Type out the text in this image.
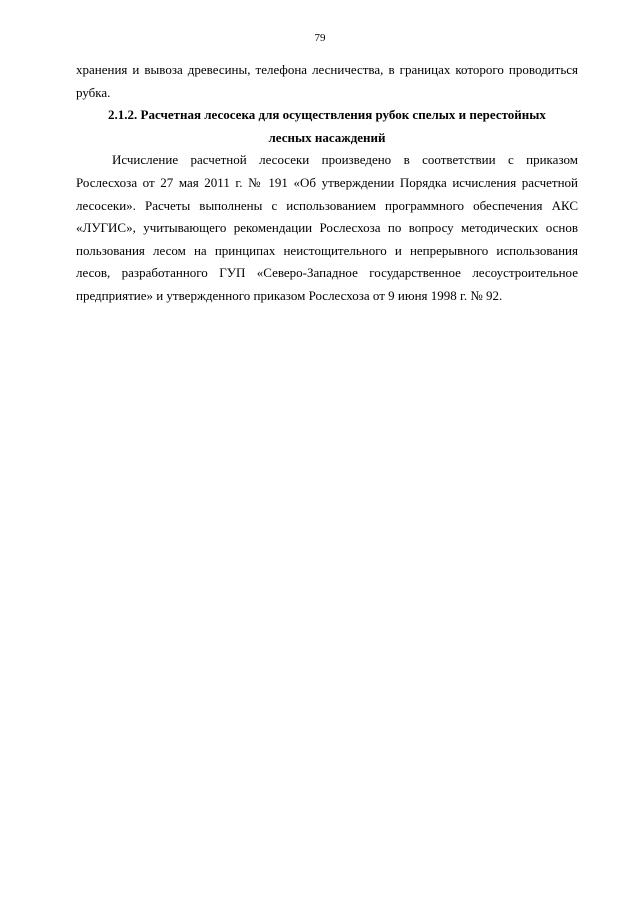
79

хранения и вывоза древесины, телефона лесничества, в границах которого проводиться рубка.

2.1.2. Расчетная лесосека для осуществления рубок спелых и перестойных лесных насаждений

Исчисление расчетной лесосеки произведено в соответствии с приказом Рослесхоза от 27 мая 2011 г. № 191 «Об утверждении Порядка исчисления расчетной лесосеки». Расчеты выполнены с использованием программного обеспечения АКС «ЛУГИС», учитывающего рекомендации Рослесхоза по вопросу методических основ пользования лесом на принципах неистощительного и непрерывного использования лесов, разработанного ГУП «Северо-Западное государственное лесоустроительное предприятие» и утвержденного приказом Рослесхоза от 9 июня 1998 г. № 92.
